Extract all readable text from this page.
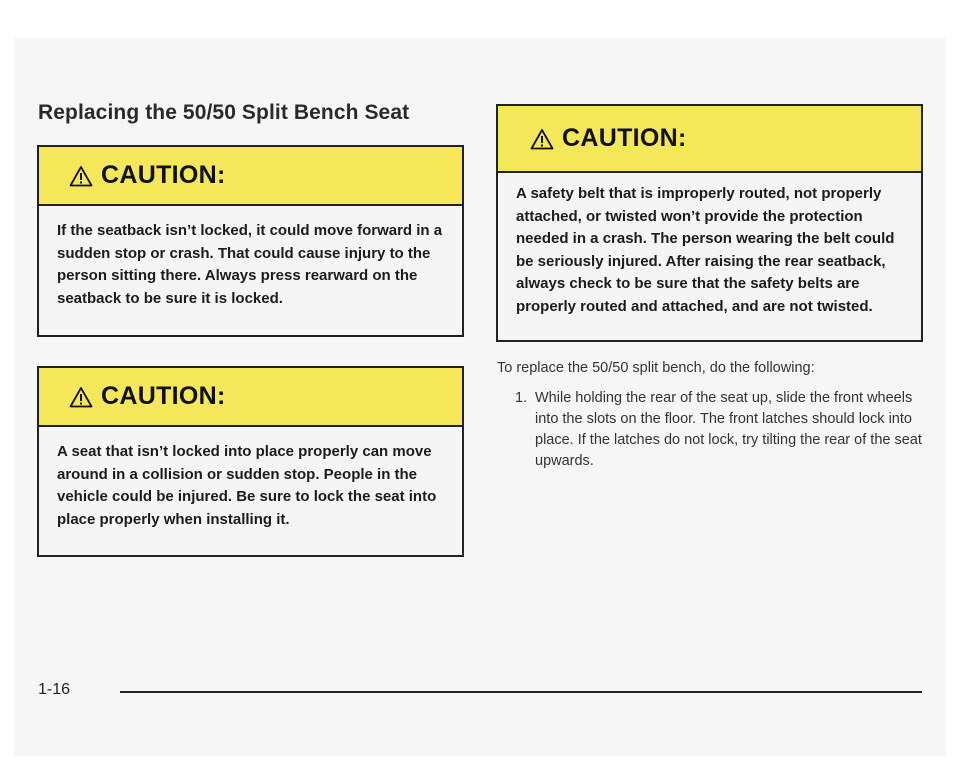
Replacing the 50/50 Split Bench Seat
CAUTION:

If the seatback isn’t locked, it could move forward in a sudden stop or crash. That could cause injury to the person sitting there. Always press rearward on the seatback to be sure it is locked.

CAUTION:

A seat that isn’t locked into place properly can move around in a collision or sudden stop. People in the vehicle could be injured. Be sure to lock the seat into place properly when installing it.

CAUTION:

A safety belt that is improperly routed, not properly attached, or twisted won’t provide the protection needed in a crash. The person wearing the belt could be seriously injured. After raising the rear seatback, always check to be sure that the safety belts are properly routed and attached, and are not twisted.

To replace the 50/50 split bench, do the following:

1. While holding the rear of the seat up, slide the front wheels into the slots on the floor. The front latches should lock into place. If the latches do not lock, try tilting the rear of the seat upwards.
1-16
